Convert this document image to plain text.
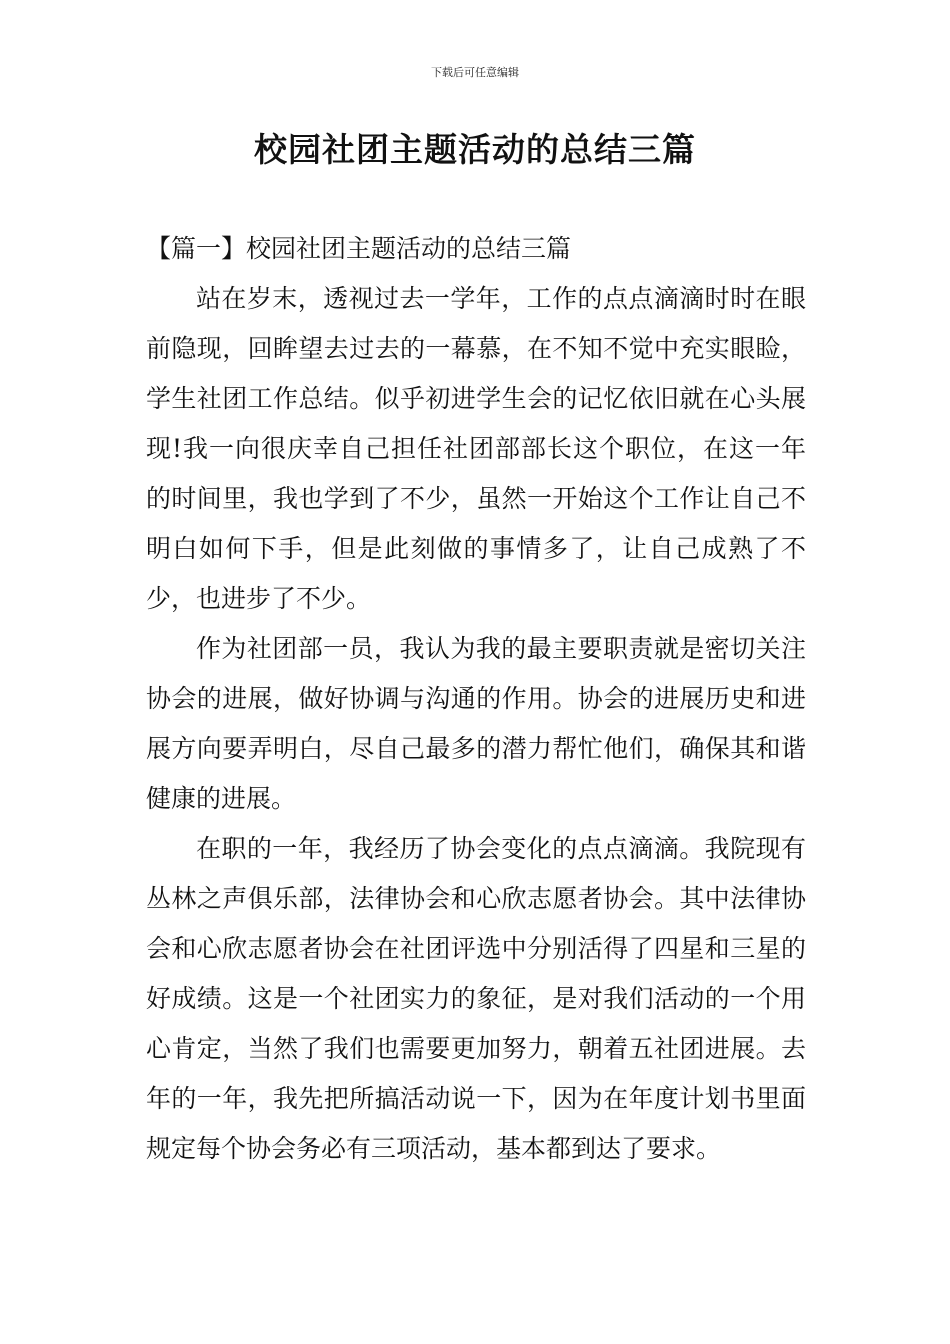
下载后可任意编辑
校园社团主题活动的总结三篇

【篇一】校园社团主题活动的总结三篇

站在岁末，透视过去一学年，工作的点点滴滴时时在眼前隐现，回眸望去过去的一幕慕，在不知不觉中充实眼睑，学生社团工作总结。似乎初进学生会的记忆依旧就在心头展现!我一向很庆幸自己担任社团部部长这个职位，在这一年的时间里，我也学到了不少，虽然一开始这个工作让自己不明白如何下手，但是此刻做的事情多了，让自己成熟了不少，也进步了不少。

作为社团部一员，我认为我的最主要职责就是密切关注协会的进展，做好协调与沟通的作用。协会的进展历史和进展方向要弄明白，尽自己最多的潜力帮忙他们，确保其和谐健康的进展。

在职的一年，我经历了协会变化的点点滴滴。我院现有丛林之声俱乐部，法律协会和心欣志愿者协会。其中法律协会和心欣志愿者协会在社团评选中分别活得了四星和三星的好成绩。这是一个社团实力的象征，是对我们活动的一个用心肯定，当然了我们也需要更加努力，朝着五社团进展。去年的一年，我先把所搞活动说一下，因为在年度计划书里面规定每个协会务必有三项活动，基本都到达了要求。
